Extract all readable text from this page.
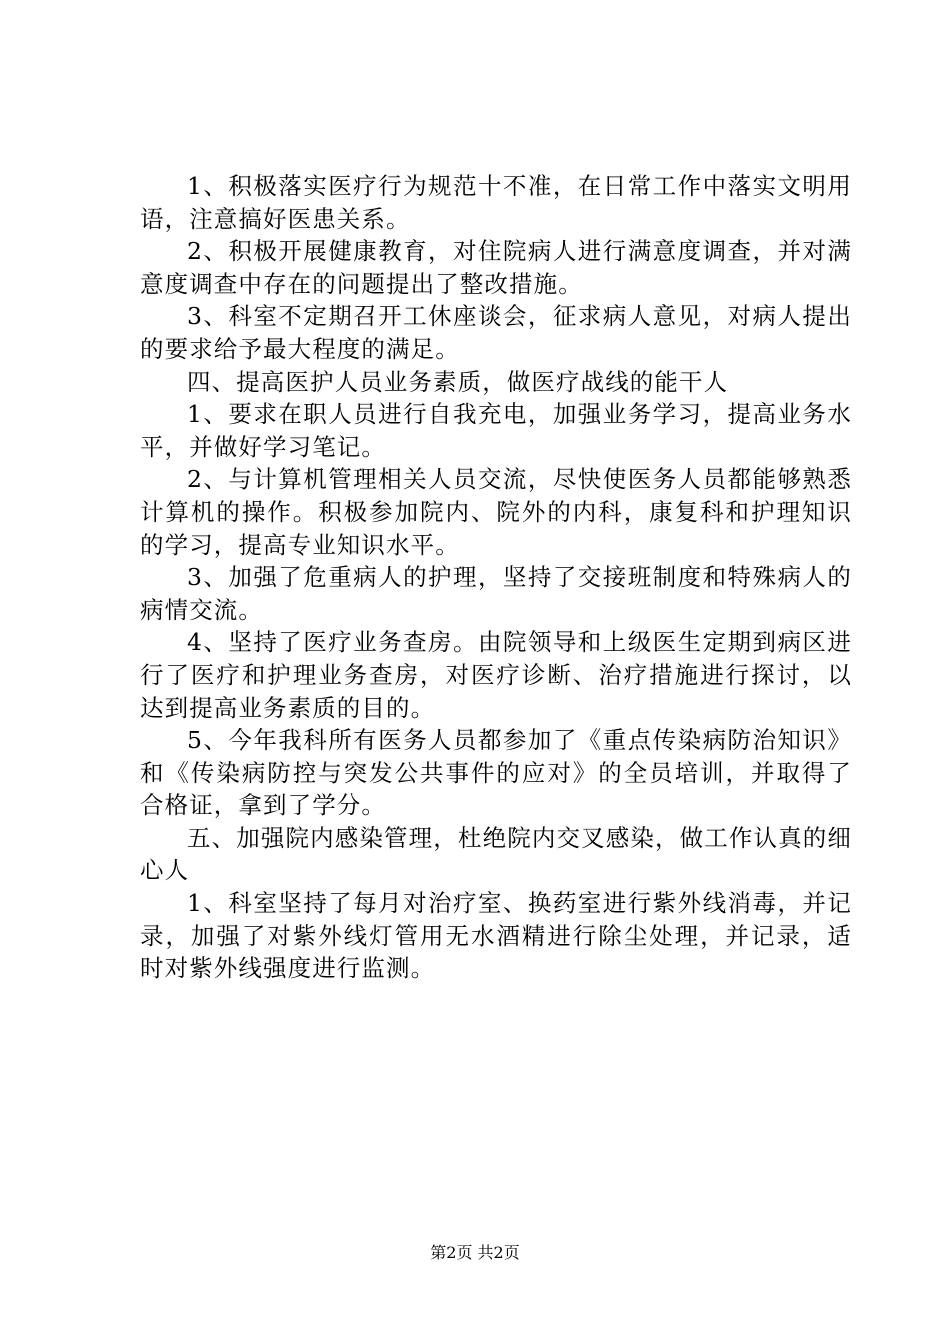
1、积极落实医疗行为规范十不准，在日常工作中落实文明用语，注意搞好医患关系。

2、积极开展健康教育，对住院病人进行满意度调查，并对满意度调查中存在的问题提出了整改措施。

3、科室不定期召开工休座谈会，征求病人意见，对病人提出的要求给予最大程度的满足。

四、提高医护人员业务素质，做医疗战线的能干人

1、要求在职人员进行自我充电，加强业务学习，提高业务水平，并做好学习笔记。

2、与计算机管理相关人员交流，尽快使医务人员都能够熟悉计算机的操作。积极参加院内、院外的内科，康复科和护理知识的学习，提高专业知识水平。

3、加强了危重病人的护理，坚持了交接班制度和特殊病人的病情交流。

4、坚持了医疗业务查房。由院领导和上级医生定期到病区进行了医疗和护理业务查房，对医疗诊断、治疗措施进行探讨，以达到提高业务素质的目的。

5、今年我科所有医务人员都参加了《重点传染病防治知识》和《传染病防控与突发公共事件的应对》的全员培训，并取得了合格证，拿到了学分。

五、加强院内感染管理，杜绝院内交叉感染，做工作认真的细心人

1、科室坚持了每月对治疗室、换药室进行紫外线消毒，并记录，加强了对紫外线灯管用无水酒精进行除尘处理，并记录，适时对紫外线强度进行监测。

第2页 共2页
